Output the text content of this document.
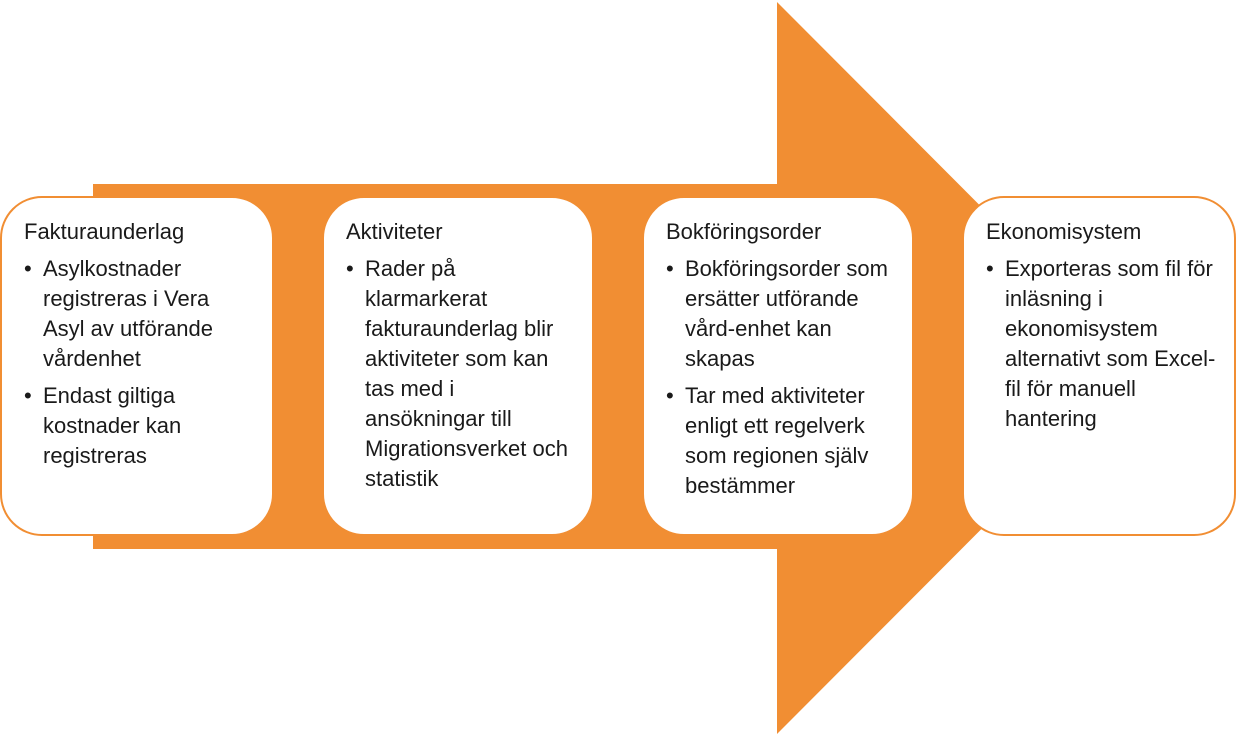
Fakturaunderlag
• Asylkostnader registreras i Vera Asyl av utförande vårdenhet
• Endast giltiga kostnader kan registreras
Aktiviteter
• Rader på klarmarkerat fakturaunderlag blir aktiviteter som kan tas med i ansökningar till Migrationsverket och statistik
Bokföringsorder
• Bokföringsorder som ersätter utförande vård-enhet kan skapas
• Tar med aktiviteter enligt ett regelverk som regionen själv bestämmer
Ekonomisystem
• Exporteras som fil för inläsning i ekonomisystem alternativt som Excel-fil för manuell hantering
